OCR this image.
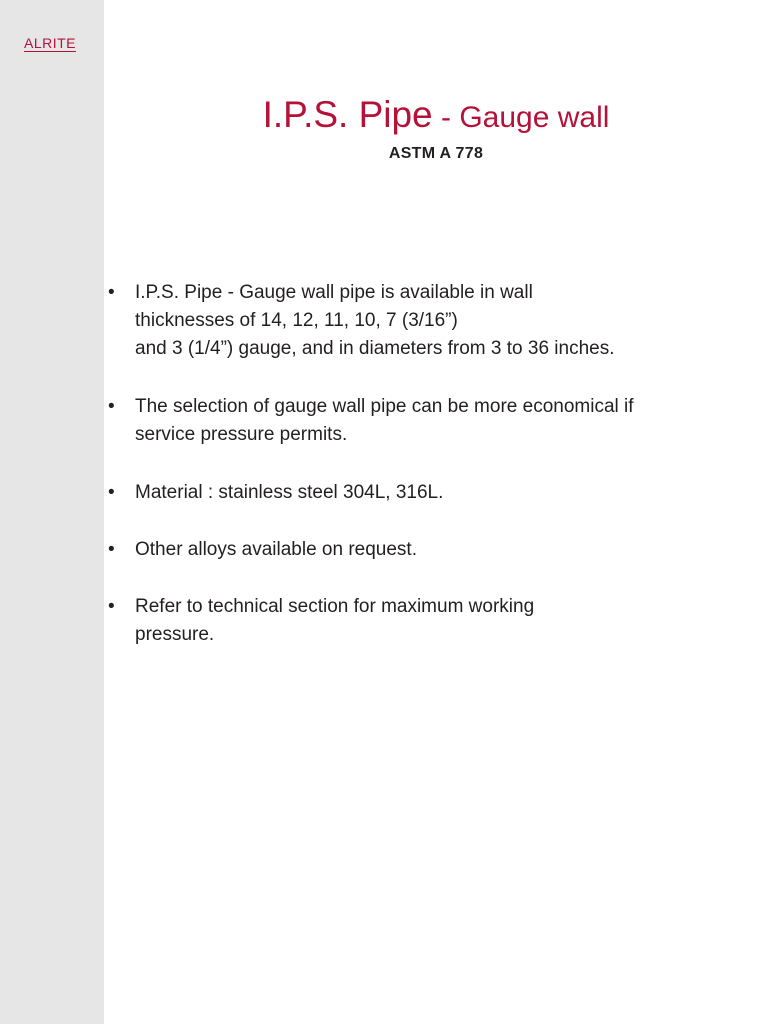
ALRITE
I.P.S. Pipe - Gauge wall
ASTM A 778
• I.P.S. Pipe - Gauge wall pipe is available in wall
thicknesses of 14, 12, 11, 10, 7 (3/16”)
and 3 (1/4”) gauge, and in diameters from 3 to 36 inches.
• The selection of gauge wall pipe can be more economical if
service pressure permits.
• Material : stainless steel 304L, 316L.
• Other alloys available on request.
• Refer to technical section for maximum working
pressure.
